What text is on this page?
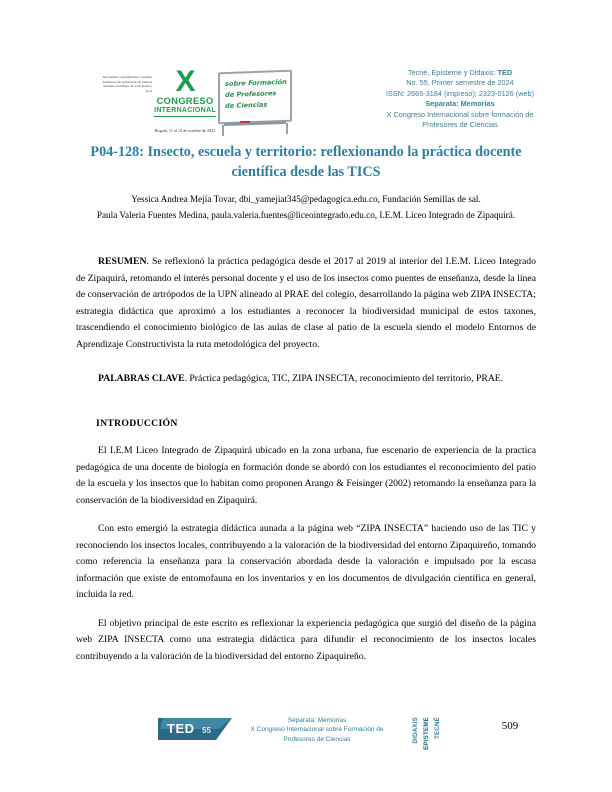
Necesidades, oportunidades y desafíos formativos del profesorado de ciencias naturales en tiempos de crisis global y local X
CONGRESO
INTERNACIONAL
Bogotá, 11 al 13 de octubre de 2023
sobre Formación
de Profesores
de Ciencias
Tecné, Episteme y Didaxis: TED
No. 55, Primer semestre de 2024
ISSN: 2665-3184 (impreso); 2323-0126 (web)
Separata: Memorias
X Congreso Internacional sobre formación de
Profesores de Ciencias
P04-128: Insecto, escuela y territorio: reflexionando la práctica docente científica desde las TICS
Yessica Andrea Mejía Tovar, dbi_yamejiat345@pedagogica.edu.co, Fundación Semillas de sal.
Paula Valeria Fuentes Medina, paula.valeria.fuentes@liceointegrado.edu.co, I.E.M. Liceo Integrado de Zipaquirá.

RESUMEN. Se reflexionó la práctica pedagógica desde el 2017 al 2019 al interior del I.E.M. Liceo Integrado de Zipaquirá, retomando el interés personal docente y el uso de los insectos como puentes de enseñanza, desde la línea de conservación de artrópodos de la UPN alineado al PRAE del colegio, desarrollando la página web ZIPA INSECTA; estrategia didáctica que aproximó a los estudiantes a reconocer la biodiversidad municipal de estos taxones, trascendiendo el conocimiento biológico de las aulas de clase al patio de la escuela siendo el modelo Entornos de Aprendizaje Constructivista la ruta metodológica del proyecto.

PALABRAS CLAVE. Práctica pedagógica, TIC, ZIPA INSECTA, reconocimiento del territorio, PRAE.

INTRODUCCIÓN

El I.E.M Liceo Integrado de Zipaquirá ubicado en la zona urbana, fue escenario de experiencia de la practica pedagógica de una docente de biología en formación donde se abordó con los estudiantes el reconocimiento del patio de la escuela y los insectos que lo habitan como proponen Arango & Feisinger (2002) retomando la enseñanza para la conservación de la biodiversidad en Zipaquirá.

Con esto emergió la estrategia didáctica aunada a la página web “ZIPA INSECTA” haciendo uso de las TIC y reconociendo los insectos locales, contribuyendo a la valoración de la biodiversidad del entorno Zipaquireño, tomando como referencia la enseñanza para la conservación abordada desde la valoración e impulsado por la escasa información que existe de entomofauna en los inventarios y en los documentos de divulgación científica en general, incluida la red.

El objetivo principal de este escrito es reflexionar la experiencia pedagógica que surgió del diseño de la página web ZIPA INSECTA como una estrategia didáctica para difundir el reconocimiento de los insectos locales contribuyendo a la valoración de la biodiversidad del entorno Zipaquireño.

TED 55
Separata: Memorias
X Congreso Internacional sobre Formación de
Profesores de Ciencias
TECNÉ
EPISTEME
DIDAXIS	509
